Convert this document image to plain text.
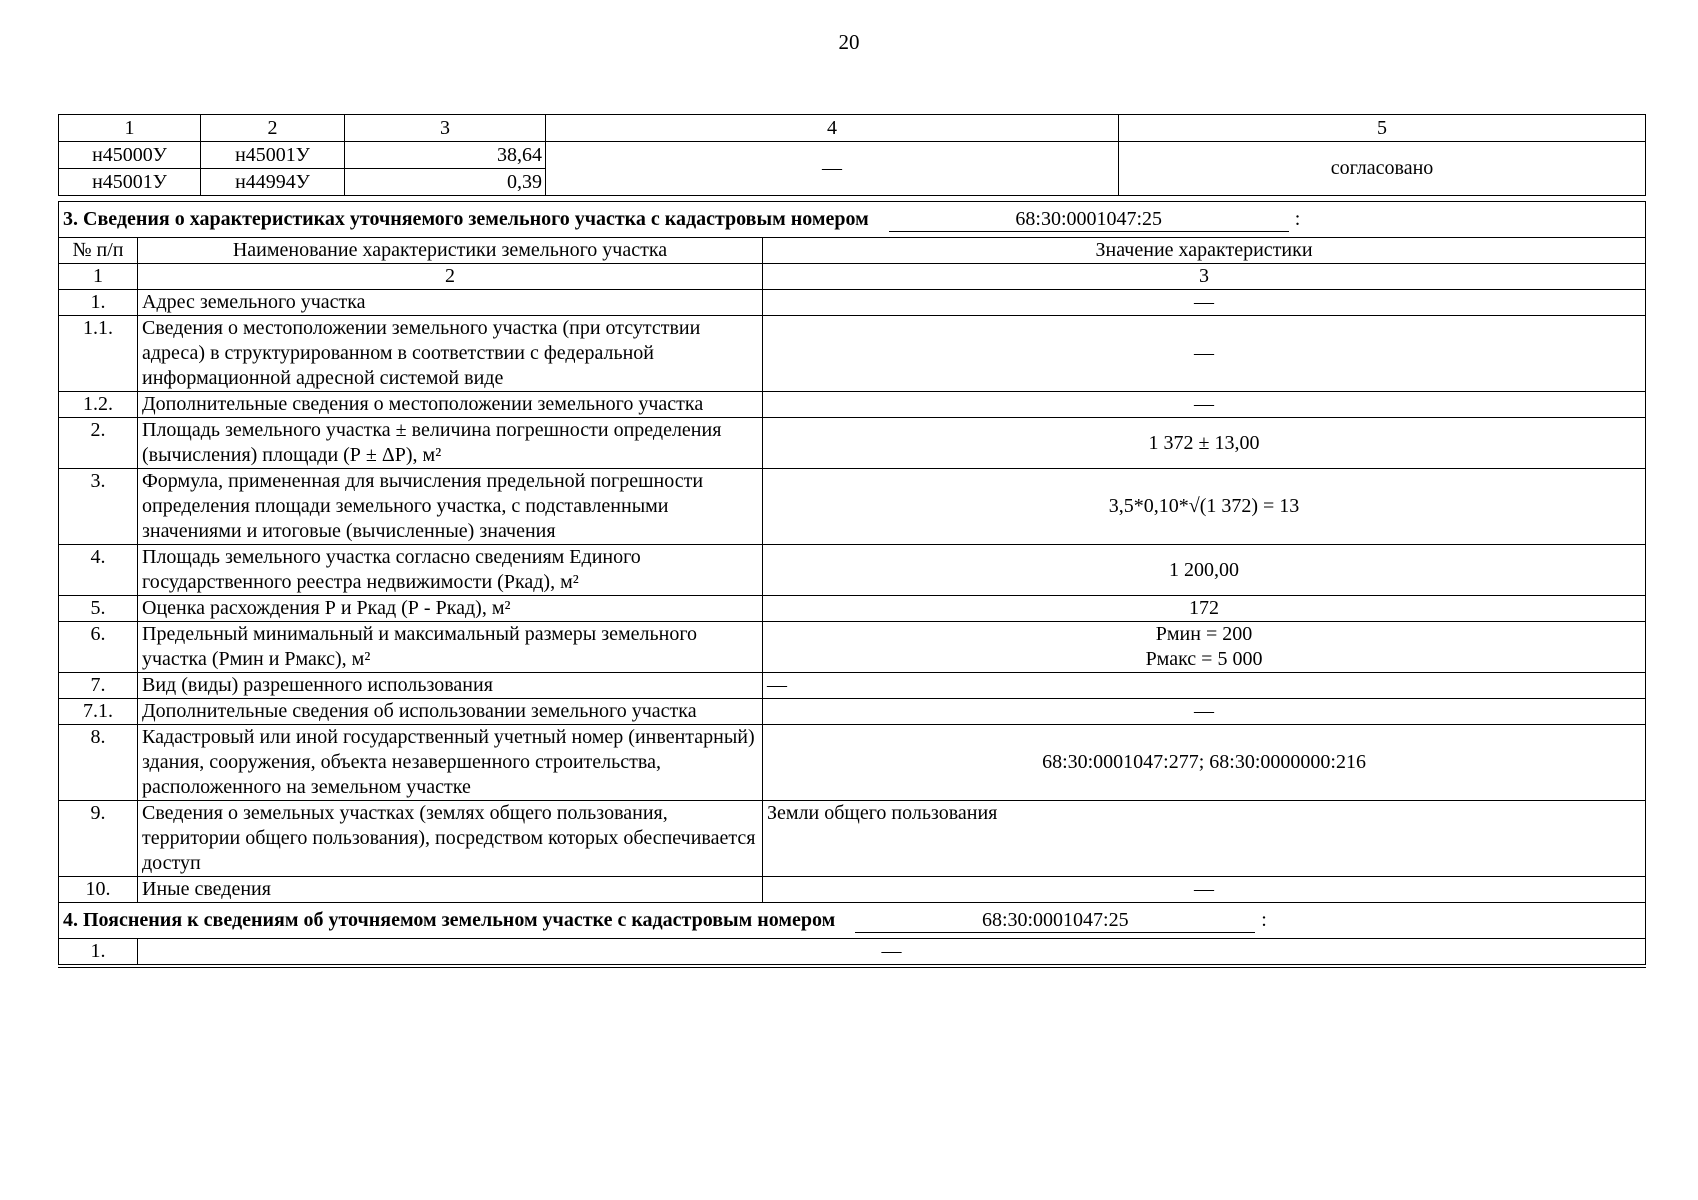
20
1	2	3	4	5
н45000У	н45001У	38,64	—	согласовано
н45001У	н44994У	0,39		
3. Сведения о характеристиках уточняемого земельного участка с кадастровым номером 68:30:0001047:25 :		
№ п/п	Наименование характеристики земельного участка	Значение характеристики
1	2	3
1.	Адрес земельного участка	—
1.1.	Сведения о местоположении земельного участка (при отсутствии адреса) в структурированном в соответствии с федеральной информационной адресной системой виде	—
1.2.	Дополнительные сведения о местоположении земельного участка	—
2.	Площадь земельного участка ± величина погрешности определения (вычисления) площади (Р ± ΔР), м²	1 372 ± 13,00
3.	Формула, примененная для вычисления предельной погрешности определения площади земельного участка, с подставленными значениями и итоговые (вычисленные) значения	3,5*0,10*√(1 372) = 13
4.	Площадь земельного участка согласно сведениям Единого государственного реестра недвижимости (Ркад), м²	1 200,00
5.	Оценка расхождения Р и Ркад (Р - Ркад), м²	172
6.	Предельный минимальный и максимальный размеры земельного участка (Рмин и Рмакс), м²	Рмин = 200
Рмакс = 5 000

7.	Вид (виды) разрешенного использования	—
7.1.	Дополнительные сведения об использовании земельного участка	—
8.	Кадастровый или иной государственный учетный номер (инвентарный) здания, сооружения, объекта незавершенного строительства, расположенного на земельном участке	68:30:0001047:277; 68:30:0000000:216
9.	Сведения о земельных участках (землях общего пользования, территории общего пользования), посредством которых обеспечивается доступ	Земли общего пользования
10.	Иные сведения	—
4. Пояснения к сведениям об уточняемом земельном участке с кадастровым номером 68:30:0001047:25 :		
1.	—	
